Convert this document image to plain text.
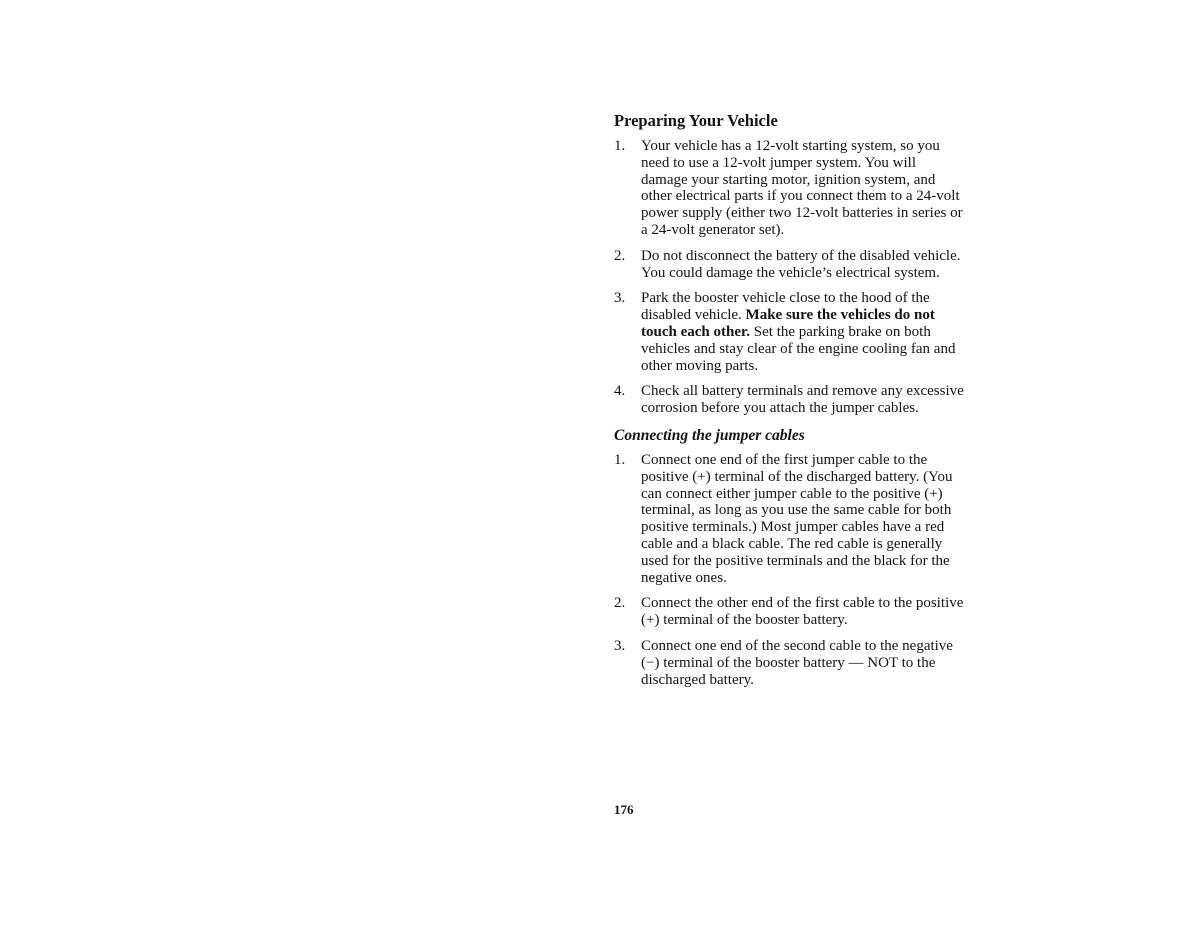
Preparing Your Vehicle
1. Your vehicle has a 12-volt starting system, so you need to use a 12-volt jumper system. You will damage your starting motor, ignition system, and other electrical parts if you connect them to a 24-volt power supply (either two 12-volt batteries in series or a 24-volt generator set).
2. Do not disconnect the battery of the disabled vehicle. You could damage the vehicle’s electrical system.
3. Park the booster vehicle close to the hood of the disabled vehicle. Make sure the vehicles do not touch each other. Set the parking brake on both vehicles and stay clear of the engine cooling fan and other moving parts.
4. Check all battery terminals and remove any excessive corrosion before you attach the jumper cables.
Connecting the jumper cables
1. Connect one end of the first jumper cable to the positive (+) terminal of the discharged battery. (You can connect either jumper cable to the positive (+) terminal, as long as you use the same cable for both positive terminals.) Most jumper cables have a red cable and a black cable. The red cable is generally used for the positive terminals and the black for the negative ones.
2. Connect the other end of the first cable to the positive (+) terminal of the booster battery.
3. Connect one end of the second cable to the negative (−) terminal of the booster battery — NOT to the discharged battery.
176
